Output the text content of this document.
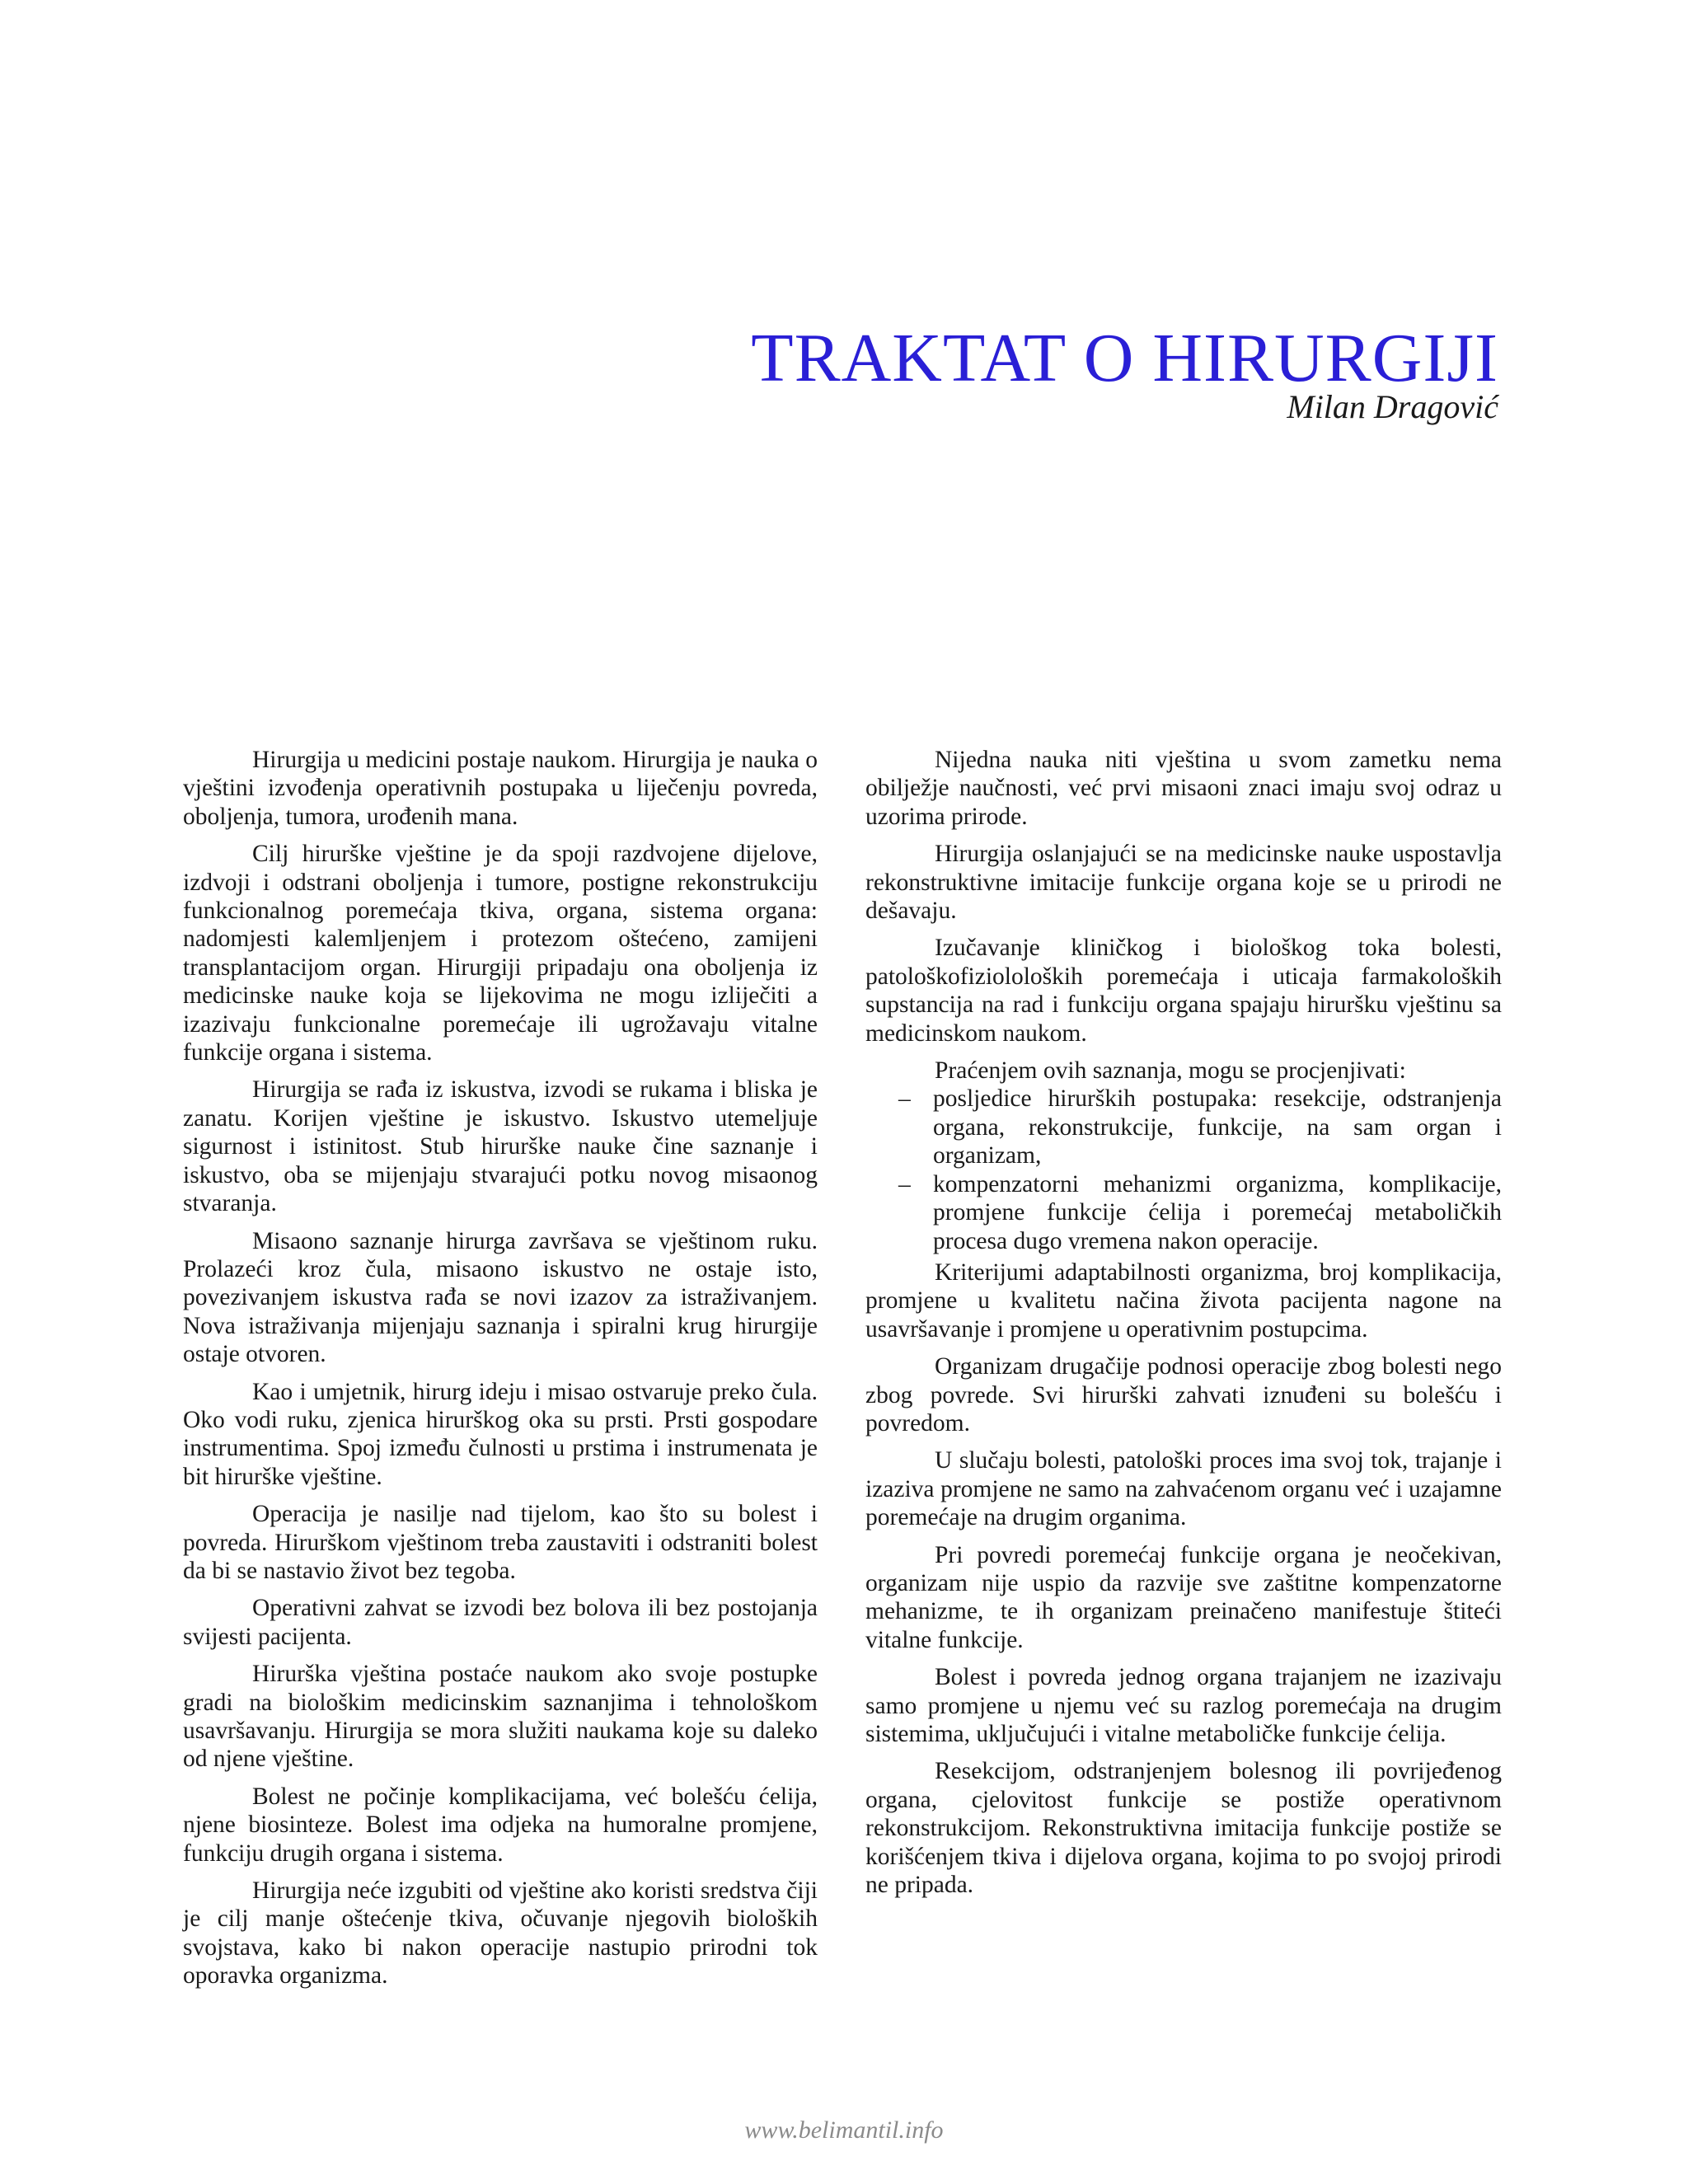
TRAKTAT O HIRURGIJI
Milan Dragović

Hirurgija u medicini postaje naukom. Hirurgija je nauka o vještini izvođenja operativnih postupaka u liječenju povreda, oboljenja, tumora, urođenih mana.

Cilj hirurške vještine je da spoji razdvojene dijelove, izdvoji i odstrani oboljenja i tumore, postigne rekonstrukciju funkcionalnog poremećaja tkiva, organa, sistema organa: nadomjesti kalemljenjem i protezom oštećeno, zamijeni transplantacijom organ. Hirurgiji pripadaju ona oboljenja iz medicinske nauke koja se lijekovima ne mogu izliječiti a izazivaju funkcionalne poremećaje ili ugrožavaju vitalne funkcije organa i sistema.

Hirurgija se rađa iz iskustva, izvodi se rukama i bliska je zanatu. Korijen vještine je iskustvo. Iskustvo utemeljuje sigurnost i istinitost. Stub hirurške nauke čine saznanje i iskustvo, oba se mijenjaju stvarajući potku novog misaonog stvaranja.

Misaono saznanje hirurga završava se vještinom ruku. Prolazeći kroz čula, misaono iskustvo ne ostaje isto, povezivanjem iskustva rađa se novi izazov za istraživanjem. Nova istraživanja mijenjaju saznanja i spiralni krug hirurgije ostaje otvoren.

Kao i umjetnik, hirurg ideju i misao ostvaruje preko čula. Oko vodi ruku, zjenica hirurškog oka su prsti. Prsti gospodare instrumentima. Spoj između čulnosti u prstima i instrumenata je bit hirurške vještine.

Operacija je nasilje nad tijelom, kao što su bolest i povreda. Hirurškom vještinom treba zaustaviti i odstraniti bolest da bi se nastavio život bez tegoba.

Operativni zahvat se izvodi bez bolova ili bez postojanja svijesti pacijenta.

Hirurška vještina postaće naukom ako svoje postupke gradi na biološkim medicinskim saznanjima i tehnološkom usavršavanju. Hirurgija se mora služiti naukama koje su daleko od njene vještine.

Bolest ne počinje komplikacijama, već bolešću ćelija, njene biosinteze. Bolest ima odjeka na humoralne promjene, funkciju drugih organa i sistema.

Hirurgija neće izgubiti od vještine ako koristi sredstva čiji je cilj manje oštećenje tkiva, očuvanje njegovih bioloških svojstava, kako bi nakon operacije nastupio prirodni tok oporavka organizma.

Nijedna nauka niti vještina u svom zametku nema obilježje naučnosti, već prvi misaoni znaci imaju svoj odraz u uzorima prirode.

Hirurgija oslanjajući se na medicinske nauke uspostavlja rekonstruktivne imitacije funkcije organa koje se u prirodi ne dešavaju.

Izučavanje kliničkog i biološkog toka bolesti, patološkofiziololoških poremećaja i uticaja farmakoloških supstancija na rad i funkciju organa spajaju hiruršku vještinu sa medicinskom naukom.

Praćenjem ovih saznanja, mogu se procjenjivati:

– posljedice hirurških postupaka: resekcije, odstranjenja organa, rekonstrukcije, funkcije, na sam organ i organizam,
– kompenzatorni mehanizmi organizma, komplikacije, promjene funkcije ćelija i poremećaj metaboličkih procesa dugo vremena nakon operacije.

Kriterijumi adaptabilnosti organizma, broj komplikacija, promjene u kvalitetu načina života pacijenta nagone na usavršavanje i promjene u operativnim postupcima.

Organizam drugačije podnosi operacije zbog bolesti nego zbog povrede. Svi hirurški zahvati iznuđeni su bolešću i povredom.

U slučaju bolesti, patološki proces ima svoj tok, trajanje i izaziva promjene ne samo na zahvaćenom organu već i uzajamne poremećaje na drugim organima.

Pri povredi poremećaj funkcije organa je neočekivan, organizam nije uspio da razvije sve zaštitne kompenzatorne mehanizme, te ih organizam preinačeno manifestuje štiteći vitalne funkcije.

Bolest i povreda jednog organa trajanjem ne izazivaju samo promjene u njemu već su razlog poremećaja na drugim sistemima, uključujući i vitalne metaboličke funkcije ćelija.

Resekcijom, odstranjenjem bolesnog ili povrijeđenog organa, cjelovitost funkcije se postiže operativnom rekonstrukcijom. Rekonstruktivna imitacija funkcije postiže se korišćenjem tkiva i dijelova organa, kojima to po svojoj prirodi ne pripada.

www.belimantil.info
